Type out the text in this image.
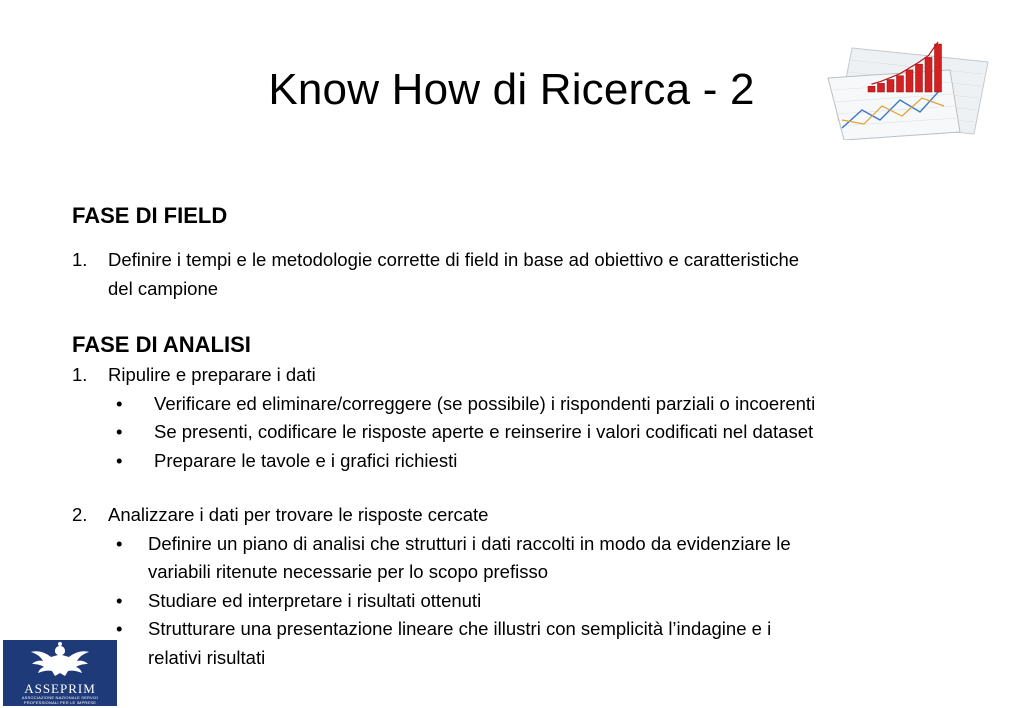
Know How di Ricerca - 2
FASE DI FIELD
1. Definire i tempi e le metodologie corrette di field in base ad obiettivo e caratteristiche
del campione
FASE DI ANALISI
1. Ripulire e preparare i dati
• Verificare ed eliminare/correggere (se possibile) i rispondenti parziali o incoerenti
• Se presenti, codificare le risposte aperte e reinserire i valori codificati nel dataset
• Preparare le tavole e i grafici richiesti
2. Analizzare i dati per trovare le risposte cercate
• Definire un piano di analisi che strutturi i dati raccolti in modo da evidenziare le
variabili ritenute necessarie per lo scopo prefisso
• Studiare ed interpretare i risultati ottenuti
• Strutturare una presentazione lineare che illustri con semplicità l’indagine e i
relativi risultati
ASSEPRIM
ASSOCIAZIONE NAZIONALE SERVIZI
PROFESSIONALI PER LE IMPRESE
